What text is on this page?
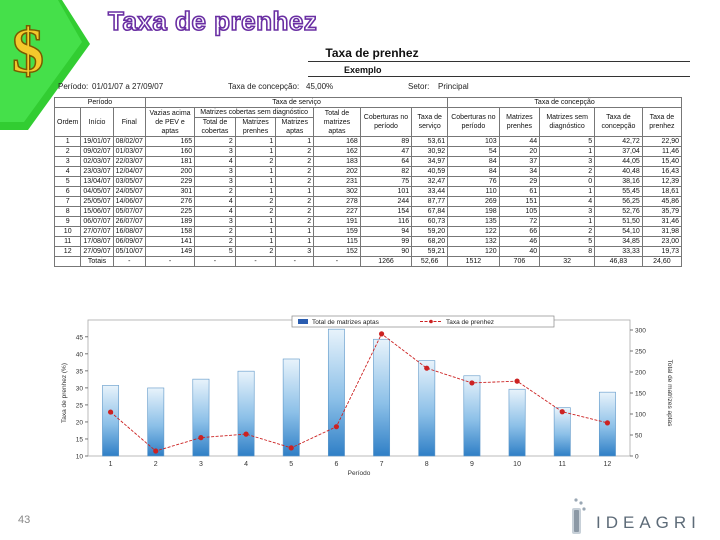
$ Taxa de prenhez
Taxa de prenhez
Exemplo
Período: 01/01/07 a 27/09/07	Taxa de concepção: 45,00%	Setor: Principal
Período			Taxa de serviço							Taxa de concepção				
Ordem	Início	Final	Vazias acima de PEV e aptas	Matrizes cobertas sem diagnóstico			Total de matrizes aptas	Coberturas no período	Taxa de serviço	Coberturas no período	Matrizes prenhes	Matrizes sem diagnóstico	Taxa de concepção	Taxa de prenhez
				Total de cobertas	Matrizes prenhes	Matrizes aptas								
1	19/01/07	08/02/07	165	2	1	1	168	89	53,61	103	44	5	42,72	22,90
2	09/02/07	01/03/07	160	3	1	2	162	47	30,92	54	20	1	37,04	11,46
3	02/03/07	22/03/07	181	4	2	2	183	64	34,97	84	37	3	44,05	15,40
4	23/03/07	12/04/07	200	3	1	2	202	82	40,59	84	34	2	40,48	16,43
5	13/04/07	03/05/07	229	3	1	2	231	75	32,47	76	29	0	38,16	12,39
6	04/05/07	24/05/07	301	2	1	1	302	101	33,44	110	61	1	55,45	18,61
7	25/05/07	14/06/07	276	4	2	2	278	244	87,77	269	151	4	56,25	45,86
8	15/06/07	05/07/07	225	4	2	2	227	154	67,84	198	105	3	52,76	35,79
9	06/07/07	26/07/07	189	3	1	2	191	116	60,73	135	72	1	51,50	31,46
10	27/07/07	16/08/07	158	2	1	1	159	94	59,20	122	66	2	54,10	31,98
11	17/08/07	06/09/07	141	2	1	1	115	99	68,20	132	46	5	34,85	23,00
12	27/09/07	05/10/07	149	5	2	3	152	90	59,21	120	40	8	33,33	19,73
	Totais	-	-	-	-	-	-	1266	52,66	1512	706	32	46,83	24,60
10
15
20
25
30
35
40
45
0
50
100
150
200
250
300
1	2	3	4	5	6	7	8	9	10	11	12
Período
Taxa de prenhez (%)	Total de matrizes aptas
Total de matrizes aptas	Taxa de prenhez
43	IDEAGRI
